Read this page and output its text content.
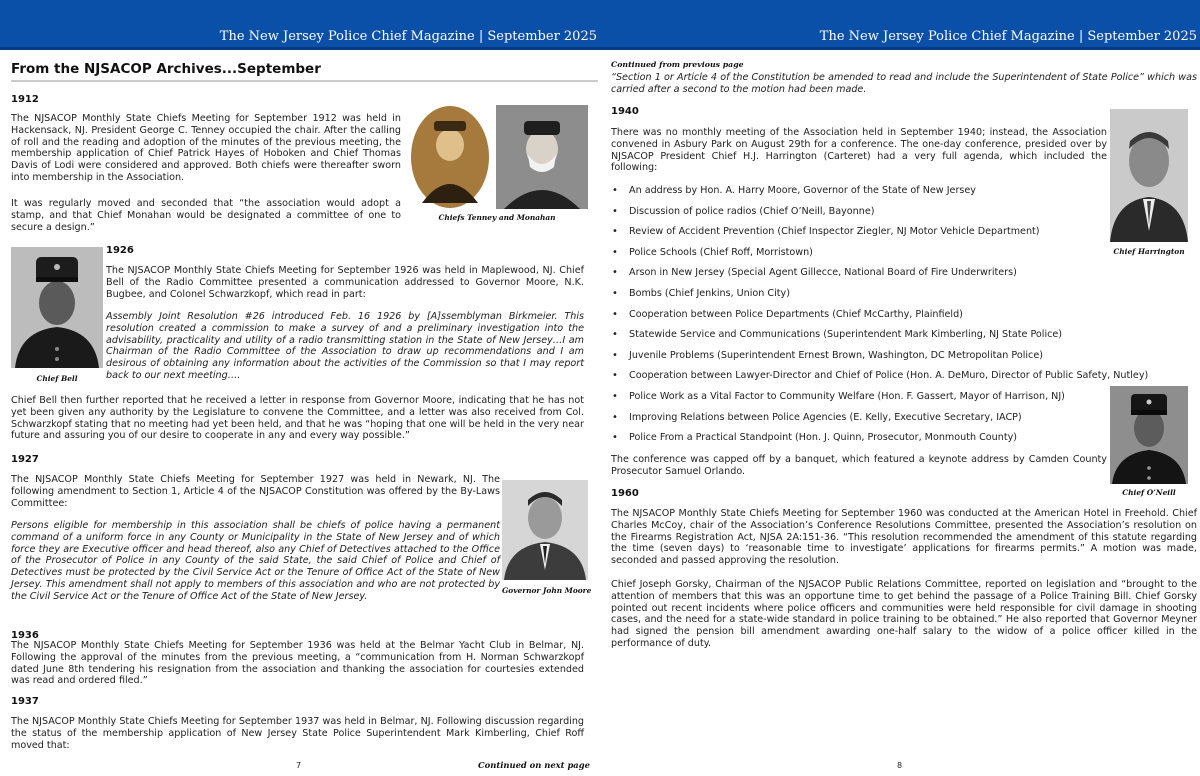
The New Jersey Police Chief Magazine | September 2025	The New Jersey Police Chief Magazine | September 2025
From the NJSACOP Archives...September
1912
The NJSACOP Monthly State Chiefs Meeting for September 1912 was held in Hackensack, NJ. President George C. Tenney occupied the chair. After the calling of roll and the reading and adoption of the minutes of the previous meeting, the membership application of Chief Patrick Hayes of Hoboken and Chief Thomas Davis of Lodi were considered and approved. Both chiefs were thereafter sworn into membership in the Association.
It was regularly moved and seconded that “the association would adopt a stamp, and that Chief Monahan would be designated a committee of one to secure a design.”
Chiefs Tenney and Monahan
Chief Bell
1926
The NJSACOP Monthly State Chiefs Meeting for September 1926 was held in Maplewood, NJ. Chief Bell of the Radio Committee presented a communication addressed to Governor Moore, N.K. Bugbee, and Colonel Schwarzkopf, which read in part:
Assembly Joint Resolution #26 introduced Feb. 16 1926 by [A]ssemblyman Birkmeier. This resolution created a commission to make a survey of and a preliminary investigation into the advisability, practicality and utility of a radio transmitting station in the State of New Jersey…I am Chairman of the Radio Committee of the Association to draw up recommendations and I am desirous of obtaining any information about the activities of the Commission so that I may report back to our next meeting….
Chief Bell then further reported that he received a letter in response from Governor Moore, indicating that he has not yet been given any authority by the Legislature to convene the Committee, and a letter was also received from Col. Schwarzkopf stating that no meeting had yet been held, and that he was “hoping that one will be held in the very near future and assuring you of our desire to cooperate in any and every way possible.”
1927
The NJSACOP Monthly State Chiefs Meeting for September 1927 was held in Newark, NJ. The following amendment to Section 1, Article 4 of the NJSACOP Constitution was offered by the By-Laws Committee:
Persons eligible for membership in this association shall be chiefs of police having a permanent command of a uniform force in any County or Municipality in the State of New Jersey and of which force they are Executive officer and head thereof, also any Chief of Detectives attached to the Office of the Prosecutor of Police in any County of the said State, the said Chief of Police and Chief of Detectives must be protected by the Civil Service Act or the Tenure of Office Act of the State of New Jersey. This amendment shall not apply to members of this association and who are not protected by the Civil Service Act or the Tenure of Office Act of the State of New Jersey.
Governor John Moore
1936
The NJSACOP Monthly State Chiefs Meeting for September 1936 was held at the Belmar Yacht Club in Belmar, NJ. Following the approval of the minutes from the previous meeting, a “communication from H. Norman Schwarzkopf dated June 8th tendering his resignation from the association and thanking the association for courtesies extended was read and ordered filed.”
1937
The NJSACOP Monthly State Chiefs Meeting for September 1937 was held in Belmar, NJ. Following discussion regarding the status of the membership application of New Jersey State Police Superintendent Mark Kimberling, Chief Roff moved that:
7	Continued on next page
Continued from previous page
“Section 1 or Article 4 of the Constitution be amended to read and include the Superintendent of State Police” which was carried after a second to the motion had been made.
1940
There was no monthly meeting of the Association held in September 1940; instead, the Association convened in Asbury Park on August 29th for a conference. The one-day conference, presided over by NJSACOP President Chief H.J. Harrington (Carteret) had a very full agenda, which included the following:
• An address by Hon. A. Harry Moore, Governor of the State of New Jersey
• Discussion of police radios (Chief O’Neill, Bayonne)
• Review of Accident Prevention (Chief Inspector Ziegler, NJ Motor Vehicle Department)
• Police Schools (Chief Roff, Morristown)
• Arson in New Jersey (Special Agent Gillecce, National Board of Fire Underwriters)
• Bombs (Chief Jenkins, Union City)
• Cooperation between Police Departments (Chief McCarthy, Plainfield)
• Statewide Service and Communications (Superintendent Mark Kimberling, NJ State Police)
• Juvenile Problems (Superintendent Ernest Brown, Washington, DC Metropolitan Police)
• Cooperation between Lawyer-Director and Chief of Police (Hon. A. DeMuro, Director of Public Safety, Nutley)
• Police Work as a Vital Factor to Community Welfare (Hon. F. Gassert, Mayor of Harrison, NJ)
• Improving Relations between Police Agencies (E. Kelly, Executive Secretary, IACP)
• Police From a Practical Standpoint (Hon. J. Quinn, Prosecutor, Monmouth County)
Chief Harrington
Chief O’Neill
The conference was capped off by a banquet, which featured a keynote address by Camden County Prosecutor Samuel Orlando.
1960
The NJSACOP Monthly State Chiefs Meeting for September 1960 was conducted at the American Hotel in Freehold. Chief Charles McCoy, chair of the Association’s Conference Resolutions Committee, presented the Association’s resolution on the Firearms Registration Act, NJSA 2A:151-36. “This resolution recommended the amendment of this statute regarding the time (seven days) to ‘reasonable time to investigate’ applications for firearms permits.” A motion was made, seconded and passed approving the resolution.
Chief Joseph Gorsky, Chairman of the NJSACOP Public Relations Committee, reported on legislation and “brought to the attention of members that this was an opportune time to get behind the passage of a Police Training Bill. Chief Gorsky pointed out recent incidents where police officers and communities were held responsible for civil damage in shooting cases, and the need for a state-wide standard in police training to be obtained.” He also reported that Governor Meyner had signed the pension bill amendment awarding one-half salary to the widow of a police officer killed in the performance of duty.
8
